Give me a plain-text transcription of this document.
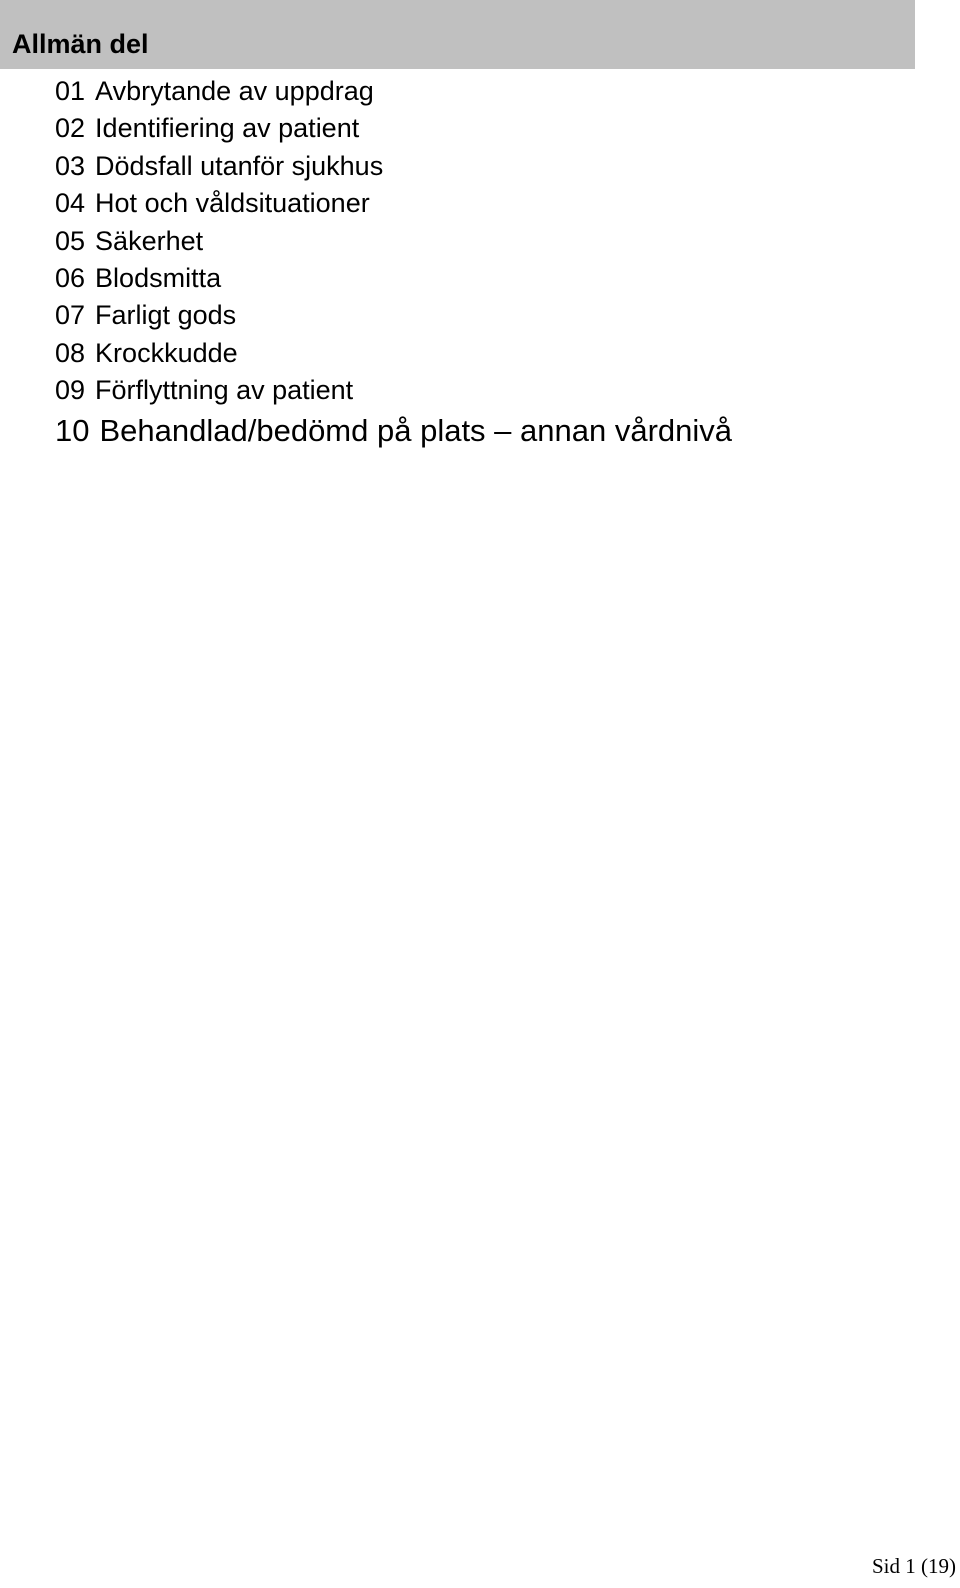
Allmän del
01 Avbrytande av uppdrag
02 Identifiering av patient
03 Dödsfall utanför sjukhus
04 Hot och våldsituationer
05 Säkerhet
06 Blodsmitta
07 Farligt gods
08 Krockkudde
09 Förflyttning av patient
10 Behandlad/bedömd på plats – annan vårdnivå
Sid 1 (19)
